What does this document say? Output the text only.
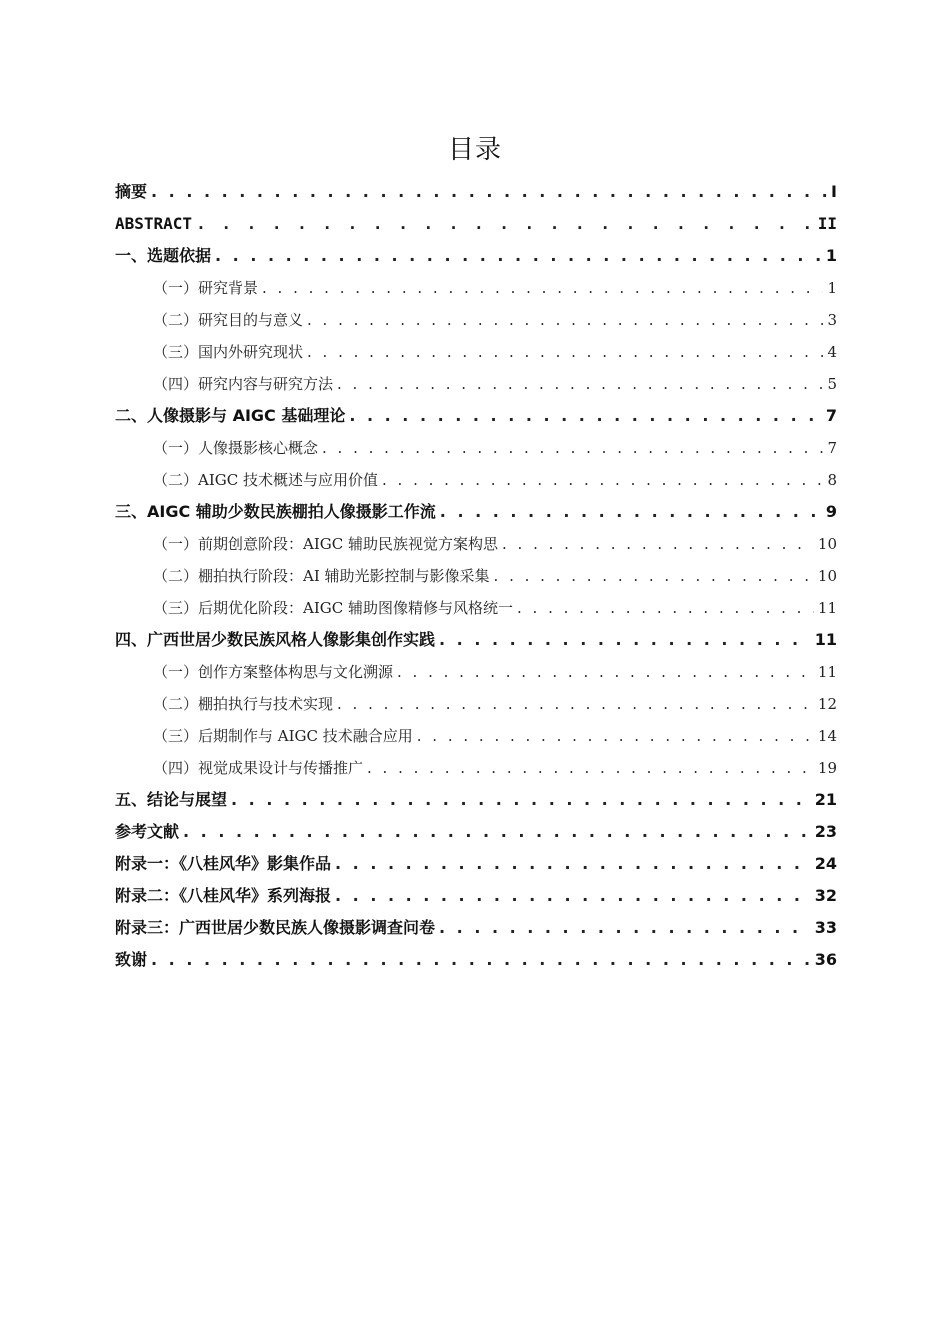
目录
摘要 . . .	I
ABSTRACT . . .	II
一、选题依据 . . .	1
（一）研究背景 . . .	1
（二）研究目的与意义 . . .	3
（三）国内外研究现状 . . .	4
（四）研究内容与研究方法 . . .	5
二、人像摄影与 AIGC 基础理论 . . .	7
（一）人像摄影核心概念 . . .	7
（二）AIGC 技术概述与应用价值 . . .	8
三、AIGC 辅助少数民族棚拍人像摄影工作流 . . .	9
（一）前期创意阶段：AIGC 辅助民族视觉方案构思 . . .	10
（二）棚拍执行阶段：AI 辅助光影控制与影像采集 . . .	10
（三）后期优化阶段：AIGC 辅助图像精修与风格统一 . . .	11
四、广西世居少数民族风格人像影集创作实践 . . .	11
（一）创作方案整体构思与文化溯源 . . .	11
（二）棚拍执行与技术实现 . . .	12
（三）后期制作与 AIGC 技术融合应用 . . .	14
（四）视觉成果设计与传播推广 . . .	19
五、结论与展望 . . .	21
参考文献 . . .	23
附录一：《八桂风华》影集作品 . . .	24
附录二：《八桂风华》系列海报 . . .	32
附录三：广西世居少数民族人像摄影调查问卷 . . .	33
致谢 . . .	36
